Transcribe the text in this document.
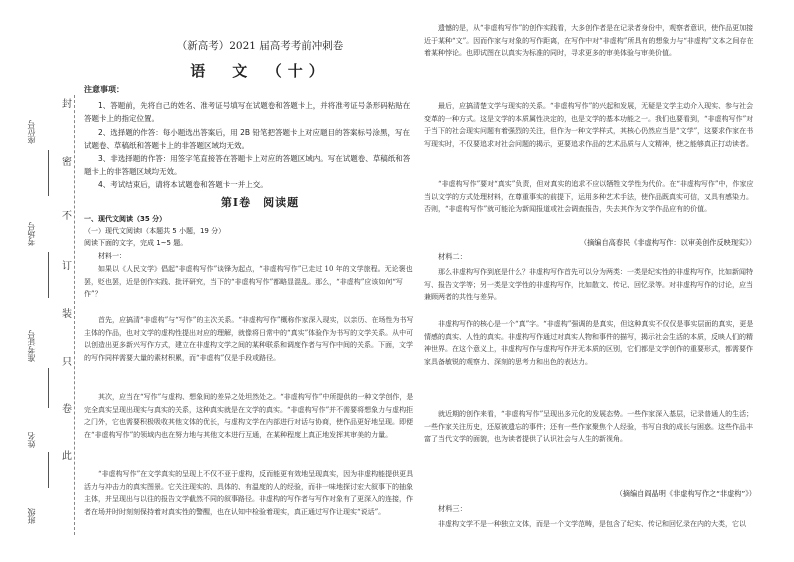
封
密
不
订
装
只
卷
此
座位号
考场号
准考证号
姓名
班级
（新高考）2021 届高考考前冲刺卷
语　文　（十）
注意事项：
1、答题前，先将自己的姓名、准考证号填写在试题卷和答题卡上，并将准考证号条形码粘贴在答题卡上的指定位置。
2、选择题的作答：每小题选出答案后，用 2B 铅笔把答题卡上对应题目的答案标号涂黑，写在试题卷、草稿纸和答题卡上的非答题区域均无效。
3、非选择题的作答：用签字笔直接答在答题卡上对应的答题区域内。写在试题卷、草稿纸和答题卡上的非答题区域均无效。
4、考试结束后，请将本试题卷和答题卡一并上交。
第Ⅰ卷　阅读题
一、现代文阅读（35 分）
（一）现代文阅读Ⅰ（本题共 5 小题，19 分）
阅读下面的文字，完成 1~5 题。
材料一：
如果以《人民文学》倡起“非虚构写作”谈锋为起点，“非虚构写作”已走过 10 年的文学旅程。无论褒也罢，贬也罢，近是创作实践、批评研究，当下的“非虚构写作”都略显混乱。那么，“非虚构”应该如何“写作”？
首先，应搞清“非虚构”与“写作”的主次关系。“非虚构写作”概称作家深入现实，以亲历、在场性为书写主体的作品，也对文学的虚构性提出对应的理解，就像将日常中的“真实”体验作为书写的文学关系。从中可以创造出更多新兴写作方式，建立在非虚构文学之间的某种联系和调度作者与写作中间的关系。下面，文学的写作同样需要大量的素材积累，而“非虚构”仅是手段或路径。
其次，应当在“写作”与虚构、想象间的差异之处坦然处之。“非虚构写作”中所提供的一种文学创作，是完全真实呈现出现实与真实的关系，这种真实就是在文学的真实。“非虚构写作”并不需要将想象力与虚构拒之门外，它也需要积极吸收其他文体的优长，与虚构文学在内部进行对话与协商，使作品更好地呈现。即便在“非虚构写作”的领域内也在努力地与其他文本进行互通，在某种程度上真正地发挥其审美的力量。
“非虚构写作”在文学真实的呈现上不仅不亚于虚构，反而能更有效地呈现真实，因为非虚构能提供更具活力与冲击力的真实图景。它关注现实的、具体的、有温度的人的经验，而非一味地探讨宏大叙事下的抽象主体，并呈现出与以往的报告文学截然不同的叙事路径。非虚构的写作者与写作对象有了更深入的连接，作者在场并时时刻刻保持着对真实性的警醒，也在认知中检验着现实，真正通过写作让现实“说话”。
遗憾的是，从“非虚构写作”的创作实践看，大多创作者是在记录者身份中，观察者意识，使作品更加接近于某种“文”。因而作家与对象的写作距离，在写作中对“非虚构”所具有的想象力与“非虚构”文本之间存在着某种悖论。也即试图在以真实为标准的同时，寻求更多的审美体验与审美价值。
最后，应搞清楚文学与现实的关系。“非虚构写作”的兴起和发展，无疑是文学主动介入现实、参与社会变革的一种方式。这是文学的本质属性决定的，也是文学的基本功能之一。我们也要看到，“非虚构写作”对于当下的社会现实问题有着强烈的关注，但作为一种文学样式，其核心仍然应当是“文学”，这要求作家在书写现实时，不仅要追求对社会问题的揭示，更要追求作品的艺术品质与人文精神，使之能够真正打动读者。
“非虚构写作”要对“真实”负责，但对真实的追求不应以牺牲文学性为代价。在“非虚构写作”中，作家应当以文学的方式处理材料，在尊重事实的前提下，运用多种艺术手法，使作品既真实可信，又具有感染力。否则，“非虚构写作”就可能沦为新闻报道或社会调查报告，失去其作为文学作品应有的价值。
（摘编自高春民《非虚构写作：以审美创作反映现实》）
材料二：
那么非虚构写作到底是什么？非虚构写作首先可以分为两类：一类是纪实性的非虚构写作，比如新闻特写、报告文学等；另一类是文学性的非虚构写作，比如散文、传记、回忆录等。对非虚构写作的讨论，应当兼顾两者的共性与差异。
非虚构写作的核心是一个“真”字。“非虚构”强调的是真实，但这种真实不仅仅是事实层面的真实，更是情感的真实、人性的真实。非虚构写作通过对真实人物和事件的描写，揭示社会生活的本质，反映人们的精神世界。在这个意义上，非虚构写作与虚构写作并无本质的区别，它们都是文学创作的重要形式，都需要作家具备敏锐的观察力、深刻的思考力和出色的表达力。
就近期的创作来看，“非虚构写作”呈现出多元化的发展态势。一些作家深入基层，记录普通人的生活；一些作家关注历史，还原被遗忘的事件；还有一些作家聚焦个人经验，书写自我的成长与困惑。这些作品丰富了当代文学的面貌，也为读者提供了认识社会与人生的新视角。
（摘编自阎晶明《非虚构写作之“非虚构”》）
材料三：
非虚构文学不是一种独立文体，而是一个文学范畴，是包含了纪实、传记和回忆录在内的大类，它以
